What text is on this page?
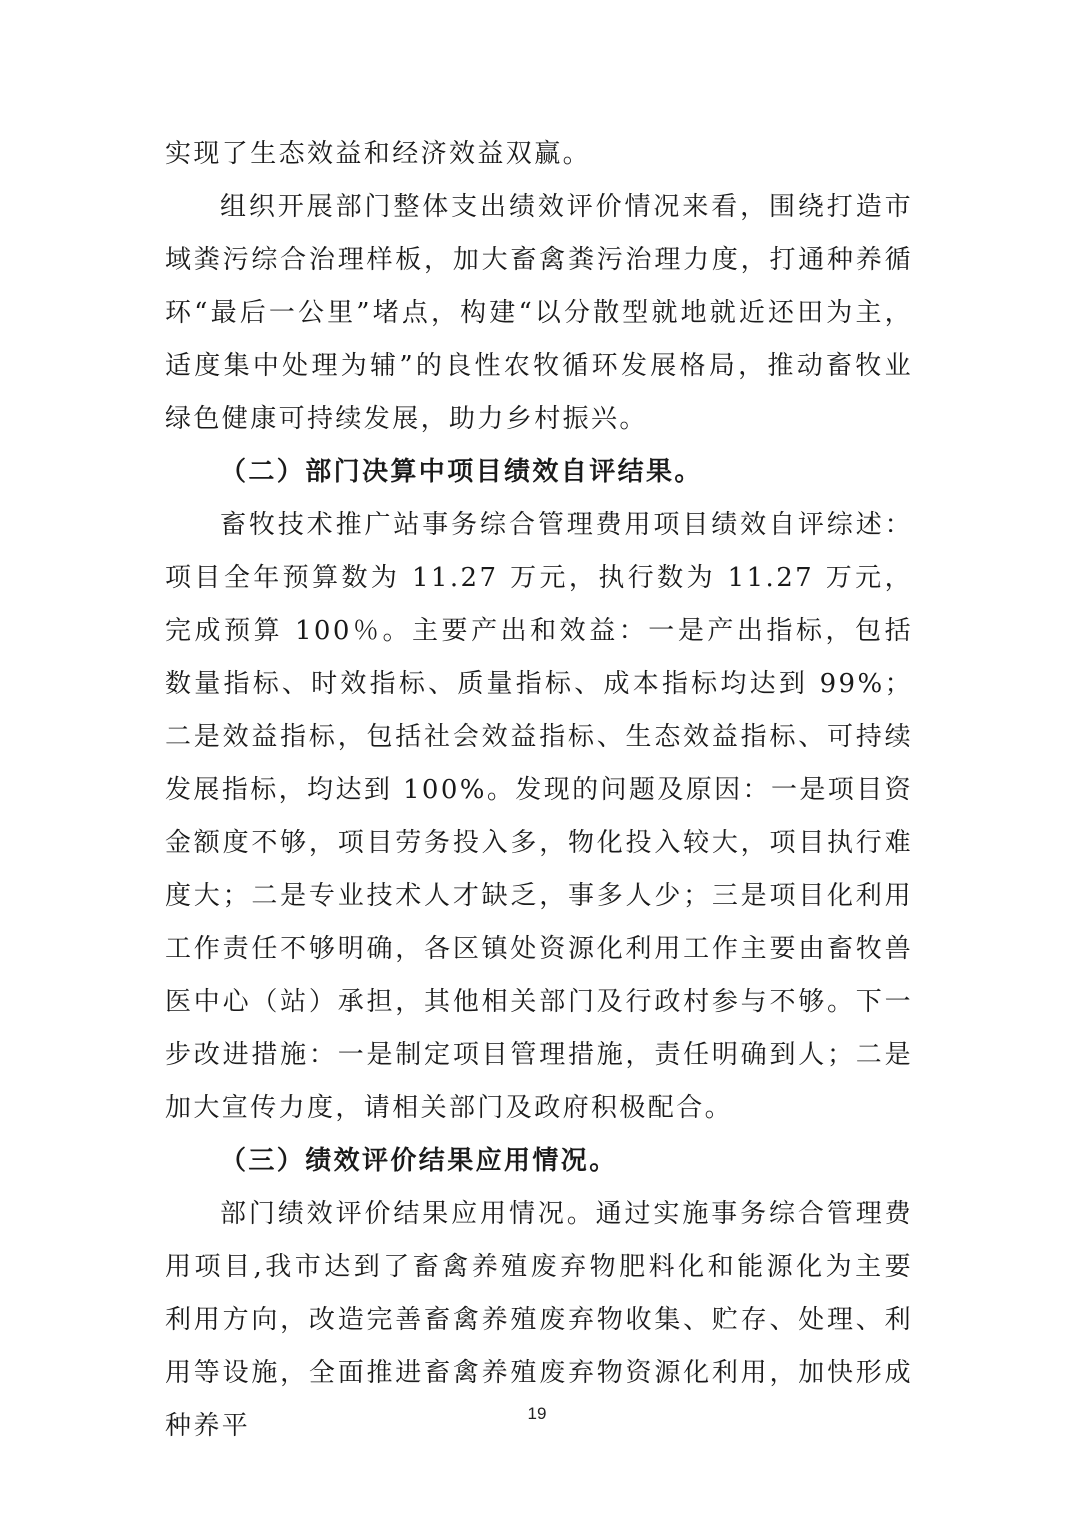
实现了生态效益和经济效益双赢。

组织开展部门整体支出绩效评价情况来看，围绕打造市域粪污综合治理样板，加大畜禽粪污治理力度，打通种养循环“最后一公里”堵点，构建“以分散型就地就近还田为主，适度集中处理为辅”的良性农牧循环发展格局，推动畜牧业绿色健康可持续发展，助力乡村振兴。

（二）部门决算中项目绩效自评结果。

畜牧技术推广站事务综合管理费用项目绩效自评综述：项目全年预算数为 11.27 万元，执行数为 11.27 万元，完成预算 100％。主要产出和效益：一是产出指标，包括数量指标、时效指标、质量指标、成本指标均达到 99%；二是效益指标，包括社会效益指标、生态效益指标、可持续发展指标，均达到 100%。发现的问题及原因：一是项目资金额度不够，项目劳务投入多，物化投入较大，项目执行难度大；二是专业技术人才缺乏，事多人少；三是项目化利用工作责任不够明确，各区镇处资源化利用工作主要由畜牧兽医中心（站）承担，其他相关部门及行政村参与不够。下一步改进措施：一是制定项目管理措施，责任明确到人；二是加大宣传力度，请相关部门及政府积极配合。

（三）绩效评价结果应用情况。

部门绩效评价结果应用情况。通过实施事务综合管理费用项目,我市达到了畜禽养殖废弃物肥料化和能源化为主要利用方向，改造完善畜禽养殖废弃物收集、贮存、处理、利用等设施，全面推进畜禽养殖废弃物资源化利用，加快形成种养平	19
